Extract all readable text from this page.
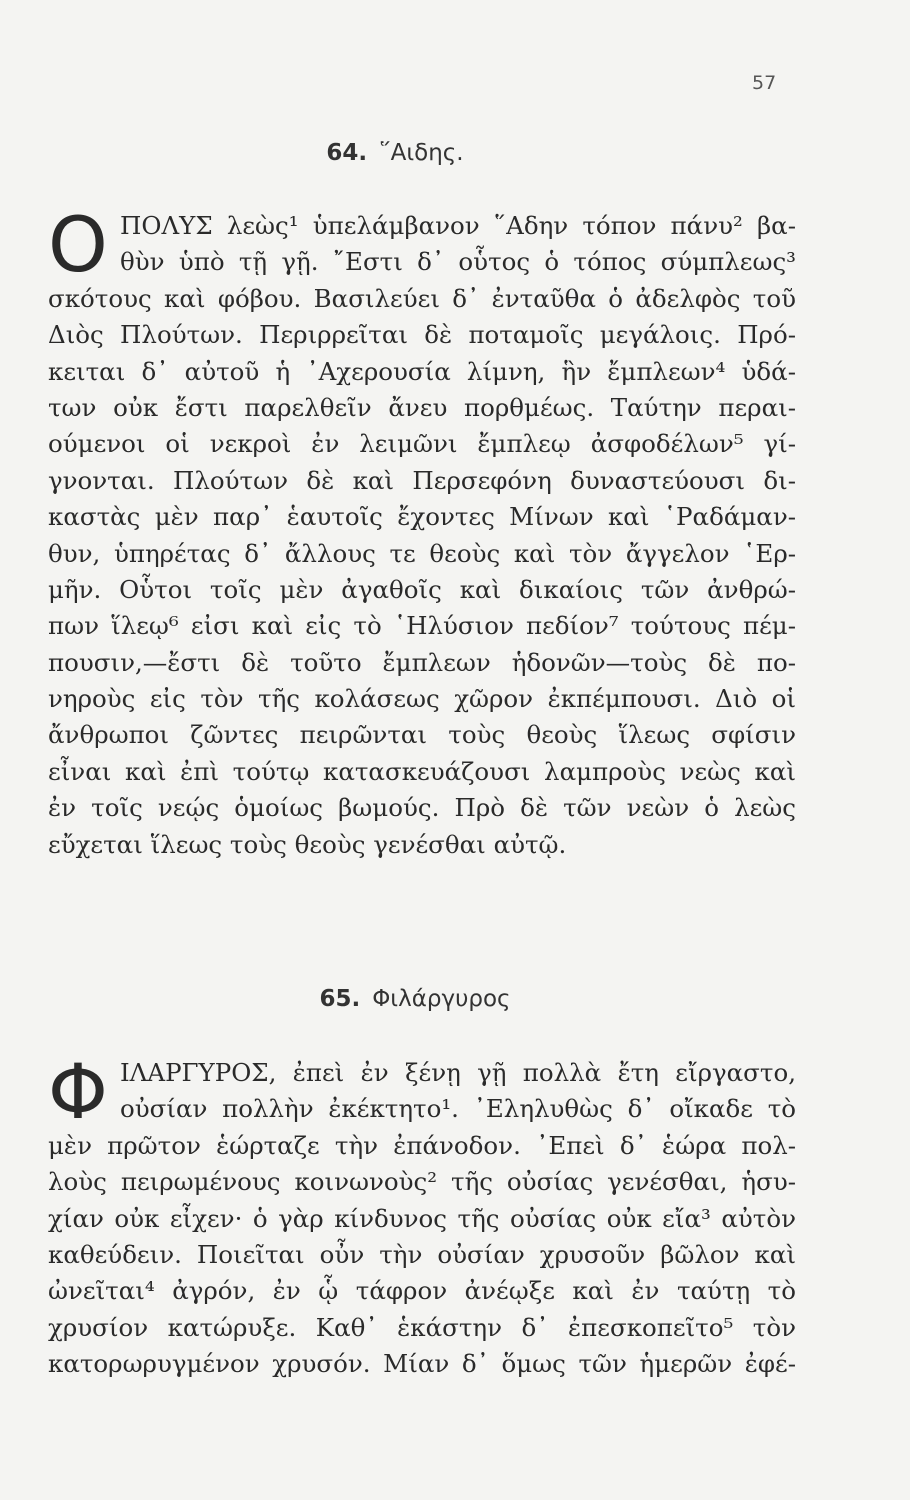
57
64. ῞Αιδης.
Ο ΠΟΛΥΣ λεὼς¹ ὑπελάμβανον ῞Αδην τόπον πάνυ² βα-
θὺν ὑπὸ τῇ γῇ. ῎Εστι δ᾽ οὗτος ὁ τόπος σύμπλεως³
σκότους καὶ φόβου. Βασιλεύει δ᾽ ἐνταῦθα ὁ ἀδελφὸς τοῦ
Διὸς Πλούτων. Περιρρεῖται δὲ ποταμοῖς μεγάλοις. Πρό-
κειται δ᾽ αὐτοῦ ἡ ᾽Αχερουσία λίμνη, ἣν ἔμπλεων⁴ ὑδά-
των οὐκ ἔστι παρελθεῖν ἄνευ πορθμέως. Ταύτην περαι-
ούμενοι οἱ νεκροὶ ἐν λειμῶνι ἔμπλεῳ ἀσφοδέλων⁵ γί-
γνονται. Πλούτων δὲ καὶ Περσεφόνη δυναστεύουσι δι-
καστὰς μὲν παρ᾽ ἑαυτοῖς ἔχοντες Μίνων καὶ ῾Ραδάμαν-
θυν, ὑπηρέτας δ᾽ ἄλλους τε θεοὺς καὶ τὸν ἄγγελον ῾Ερ-
μῆν. Οὗτοι τοῖς μὲν ἀγαθοῖς καὶ δικαίοις τῶν ἀνθρώ-
πων ἵλεῳ⁶ εἰσι καὶ εἰς τὸ ῾Ηλύσιον πεδίον⁷ τούτους πέμ-
πουσιν,—ἔστι δὲ τοῦτο ἔμπλεων ἡδονῶν—τοὺς δὲ πο-
νηροὺς εἰς τὸν τῆς κολάσεως χῶρον ἐκπέμπουσι. Διὸ οἱ
ἄνθρωποι ζῶντες πειρῶνται τοὺς θεοὺς ἵλεως σφίσιν
εἶναι καὶ ἐπὶ τούτῳ κατασκευάζουσι λαμπροὺς νεὼς καὶ
ἐν τοῖς νεῴς ὁμοίως βωμούς. Πρὸ δὲ τῶν νεὼν ὁ λεὼς
εὔχεται ἵλεως τοὺς θεοὺς γενέσθαι αὐτῷ.
65. Φιλάργυρος
Φ ΙΛΑΡΓΥΡΟΣ, ἐπεὶ ἐν ξένῃ γῇ πολλὰ ἔτη εἴργαστο,
οὐσίαν πολλὴν ἐκέκτητο¹. ᾽Εληλυθὼς δ᾽ οἴκαδε τὸ
μὲν πρῶτον ἑώρταζε τὴν ἐπάνοδον. ᾽Επεὶ δ᾽ ἑώρα πολ-
λοὺς πειρωμένους κοινωνοὺς² τῆς οὐσίας γενέσθαι, ἡσυ-
χίαν οὐκ εἶχεν· ὁ γὰρ κίνδυνος τῆς οὐσίας οὐκ εἴα³ αὐτὸν
καθεύδειν. Ποιεῖται οὖν τὴν οὐσίαν χρυσοῦν βῶλον καὶ
ὠνεῖται⁴ ἀγρόν, ἐν ᾧ τάφρον ἀνέῳξε καὶ ἐν ταύτῃ τὸ
χρυσίον κατώρυξε. Καθ᾽ ἑκάστην δ᾽ ἐπεσκοπεῖτο⁵ τὸν
κατορωρυγμένον χρυσόν. Μίαν δ᾽ ὅμως τῶν ἡμερῶν ἐφέ-
